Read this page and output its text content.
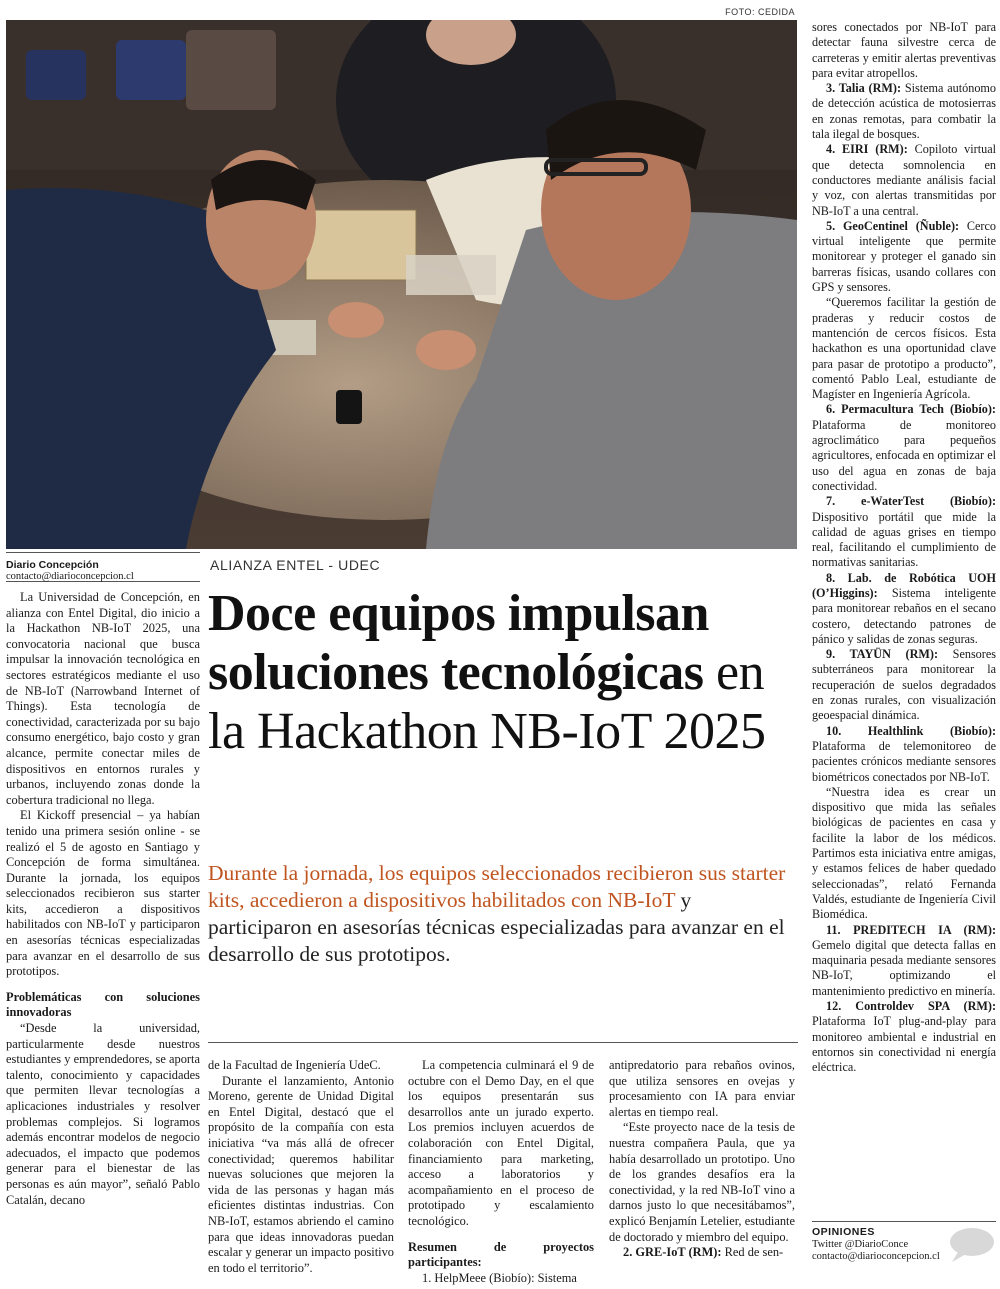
FOTO: CEDIDA
Diario Concepción
contacto@diarioconcepcion.cl
ALIANZA ENTEL - UDEC
Doce equipos impulsan soluciones tecnológicas en la Hackathon NB-IoT 2025
Durante la jornada, los equipos seleccionados recibieron sus starter kits, accedieron a dispositivos habilitados con NB-IoT y participaron en asesorías técnicas especializadas para avanzar en el desarrollo de sus prototipos.

La Universidad de Concepción, en alianza con Entel Digital, dio inicio a la Hackathon NB-IoT 2025, una convocatoria nacional que busca impulsar la innovación tecnológica en sectores estratégicos mediante el uso de NB-IoT (Narrowband Internet of Things). Esta tecnología de conectividad, caracterizada por su bajo consumo energético, bajo costo y gran alcance, permite conectar miles de dispositivos en entornos rurales y urbanos, incluyendo zonas donde la cobertura tradicional no llega.

El Kickoff presencial – ya habían tenido una primera sesión online - se realizó el 5 de agosto en Santiago y Concepción de forma simultánea. Durante la jornada, los equipos seleccionados recibieron sus starter kits, accedieron a dispositivos habilitados con NB-IoT y participaron en asesorías técnicas especializadas para avanzar en el desarrollo de sus prototipos.

Problemáticas con soluciones innovadoras

“Desde la universidad, particularmente desde nuestros estudiantes y emprendedores, se aporta talento, conocimiento y capacidades que permiten llevar tecnologías a aplicaciones industriales y resolver problemas complejos. Si logramos además encontrar modelos de negocio adecuados, el impacto que podemos generar para el bienestar de las personas es aún mayor”, señaló Pablo Catalán, decano

de la Facultad de Ingeniería UdeC.

Durante el lanzamiento, Antonio Moreno, gerente de Unidad Digital en Entel Digital, destacó que el propósito de la compañía con esta iniciativa “va más allá de ofrecer conectividad; queremos habilitar nuevas soluciones que mejoren la vida de las personas y hagan más eficientes distintas industrias. Con NB-IoT, estamos abriendo el camino para que ideas innovadoras puedan escalar y generar un impacto positivo en todo el territorio”.

La competencia culminará el 9 de octubre con el Demo Day, en el que los equipos presentarán sus desarrollos ante un jurado experto. Los premios incluyen acuerdos de colaboración con Entel Digital, financiamiento para marketing, acceso a laboratorios y acompañamiento en el proceso de prototipado y escalamiento tecnológico.

Resumen de proyectos participantes:

1. HelpMeee (Biobío): Sistema

antipredatorio para rebaños ovinos, que utiliza sensores en ovejas y procesamiento con IA para enviar alertas en tiempo real.

“Este proyecto nace de la tesis de nuestra compañera Paula, que ya había desarrollado un prototipo. Uno de los grandes desafíos era la conectividad, y la red NB-IoT vino a darnos justo lo que necesitábamos”, explicó Benjamín Letelier, estudiante de doctorado y miembro del equipo.

2. GRE-IoT (RM): Red de sen-

sores conectados por NB-IoT para detectar fauna silvestre cerca de carreteras y emitir alertas preventivas para evitar atropellos.

3. Talia (RM): Sistema autónomo de detección acústica de motosierras en zonas remotas, para combatir la tala ilegal de bosques.

4. EIRI (RM): Copiloto virtual que detecta somnolencia en conductores mediante análisis facial y voz, con alertas transmitidas por NB-IoT a una central.

5. GeoCentinel (Ñuble): Cerco virtual inteligente que permite monitorear y proteger el ganado sin barreras físicas, usando collares con GPS y sensores.

“Queremos facilitar la gestión de praderas y reducir costos de mantención de cercos físicos. Esta hackathon es una oportunidad clave para pasar de prototipo a producto”, comentó Pablo Leal, estudiante de Magíster en Ingeniería Agrícola.

6. Permacultura Tech (Biobío): Plataforma de monitoreo agroclimático para pequeños agricultores, enfocada en optimizar el uso del agua en zonas de baja conectividad.

7. e-WaterTest (Biobío): Dispositivo portátil que mide la calidad de aguas grises en tiempo real, facilitando el cumplimiento de normativas sanitarias.

8. Lab. de Robótica UOH (O’Higgins): Sistema inteligente para monitorear rebaños en el secano costero, detectando patrones de pánico y salidas de zonas seguras.

9. TAYÜN (RM): Sensores subterráneos para monitorear la recuperación de suelos degradados en zonas rurales, con visualización geoespacial dinámica.

10. Healthlink (Biobío): Plataforma de telemonitoreo de pacientes crónicos mediante sensores biométricos conectados por NB-IoT.

“Nuestra idea es crear un dispositivo que mida las señales biológicas de pacientes en casa y facilite la labor de los médicos. Partimos esta iniciativa entre amigas, y estamos felices de haber quedado seleccionadas”, relató Fernanda Valdés, estudiante de Ingeniería Civil Biomédica.

11. PREDITECH IA (RM): Gemelo digital que detecta fallas en maquinaria pesada mediante sensores NB-IoT, optimizando el mantenimiento predictivo en minería.

12. Controldev SPA (RM): Plataforma IoT plug-and-play para monitoreo ambiental e industrial en entornos sin conectividad ni energía eléctrica.

OPINIONES
Twitter @DiarioConce
contacto@diarioconcepcion.cl
